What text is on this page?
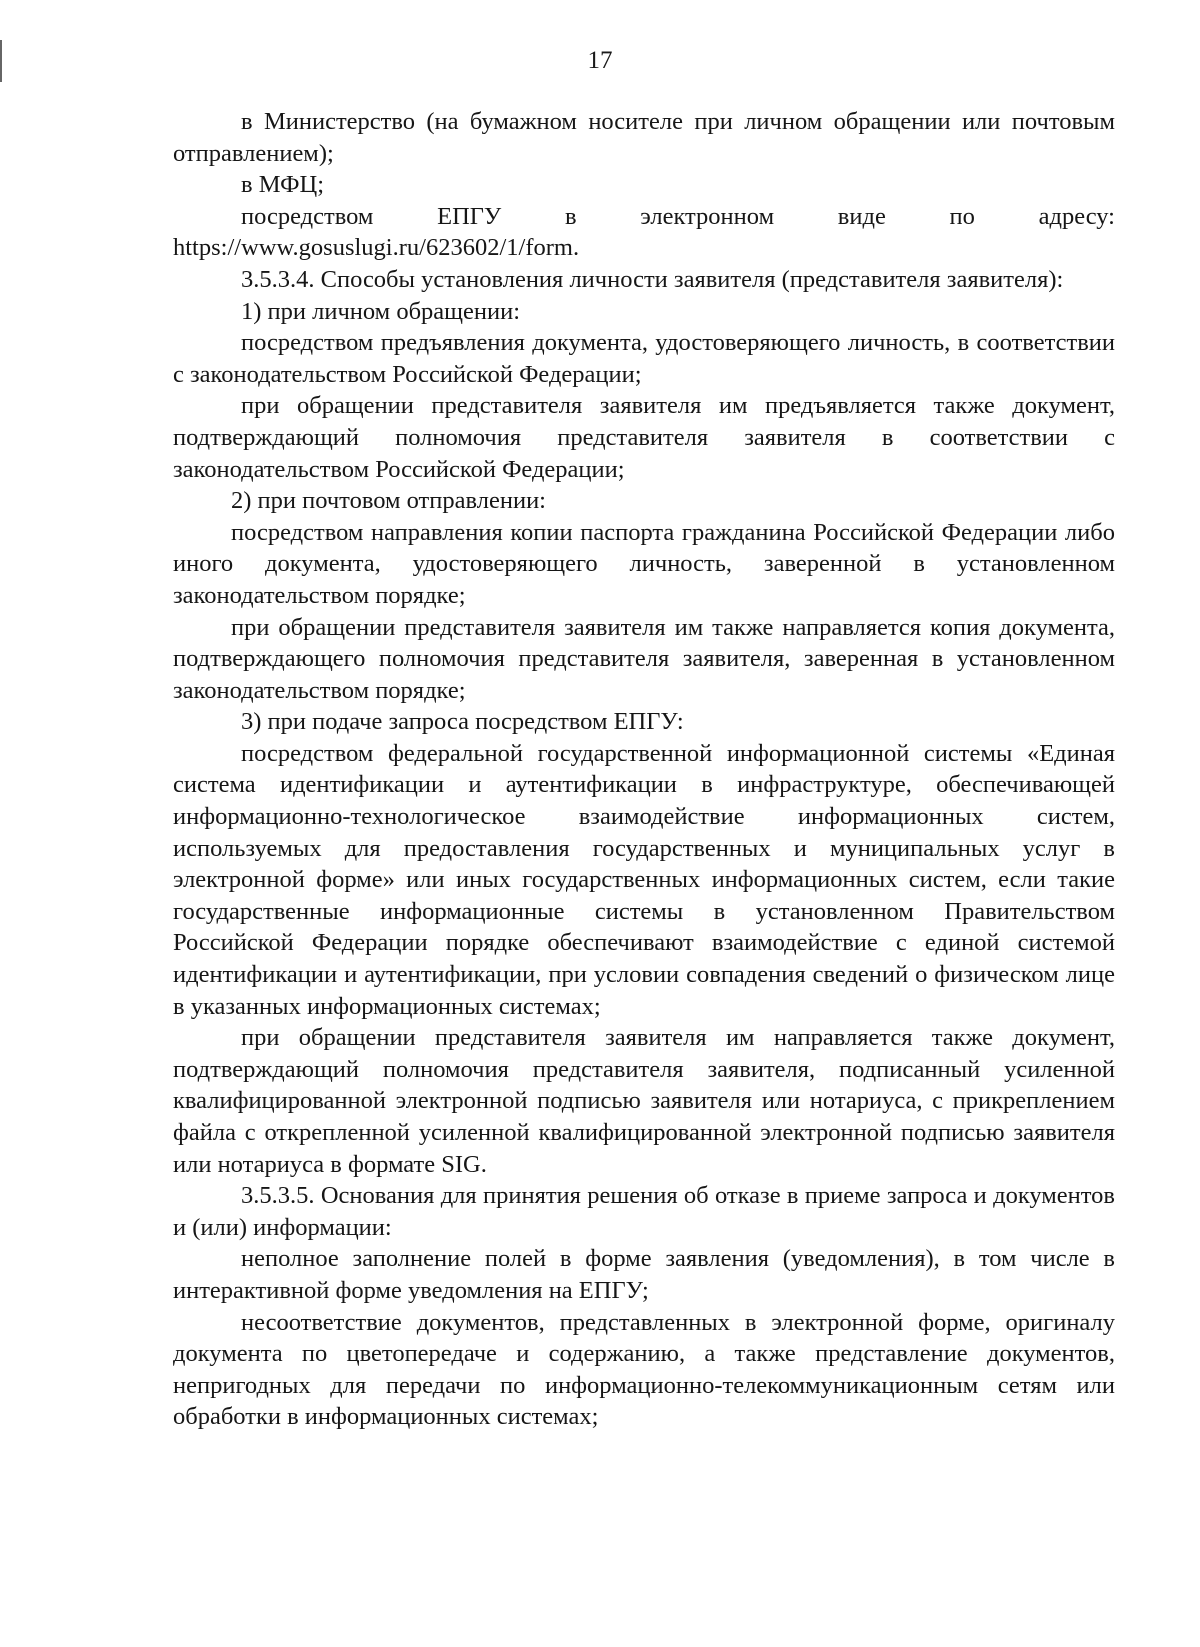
17

в Министерство (на бумажном носителе при личном обращении или почтовым отправлением);

в МФЦ;

посредством ЕПГУ в электронном виде по адресу:

https://www.gosuslugi.ru/623602/1/form.

3.5.3.4. Способы установления личности заявителя (представителя заявителя):

1) при личном обращении:

посредством предъявления документа, удостоверяющего личность, в соответствии с законодательством Российской Федерации;

при обращении представителя заявителя им предъявляется также документ, подтверждающий полномочия представителя заявителя в соответствии с законодательством Российской Федерации;

2) при почтовом отправлении:

посредством направления копии паспорта гражданина Российской Федерации либо иного документа, удостоверяющего личность, заверенной в установленном законодательством порядке;

при обращении представителя заявителя им также направляется копия документа, подтверждающего полномочия представителя заявителя, заверенная в установленном законодательством порядке;

3) при подаче запроса посредством ЕПГУ:

посредством федеральной государственной информационной системы «Единая система идентификации и аутентификации в инфраструктуре, обеспечивающей информационно-технологическое взаимодействие информационных систем, используемых для предоставления государственных и муниципальных услуг в электронной форме» или иных государственных информационных систем, если такие государственные информационные системы в установленном Правительством Российской Федерации порядке обеспечивают взаимодействие с единой системой идентификации и аутентификации, при условии совпадения сведений о физическом лице в указанных информационных системах;

при обращении представителя заявителя им направляется также документ, подтверждающий полномочия представителя заявителя, подписанный усиленной квалифицированной электронной подписью заявителя или нотариуса, с прикреплением файла с открепленной усиленной квалифицированной электронной подписью заявителя или нотариуса в формате SIG.

3.5.3.5. Основания для принятия решения об отказе в приеме запроса и документов и (или) информации:

неполное заполнение полей в форме заявления (уведомления), в том числе в интерактивной форме уведомления на ЕПГУ;

несоответствие документов, представленных в электронной форме, оригиналу документа по цветопередаче и содержанию, а также представление документов, непригодных для передачи по информационно-телекоммуникационным сетям или обработки в информационных системах;
